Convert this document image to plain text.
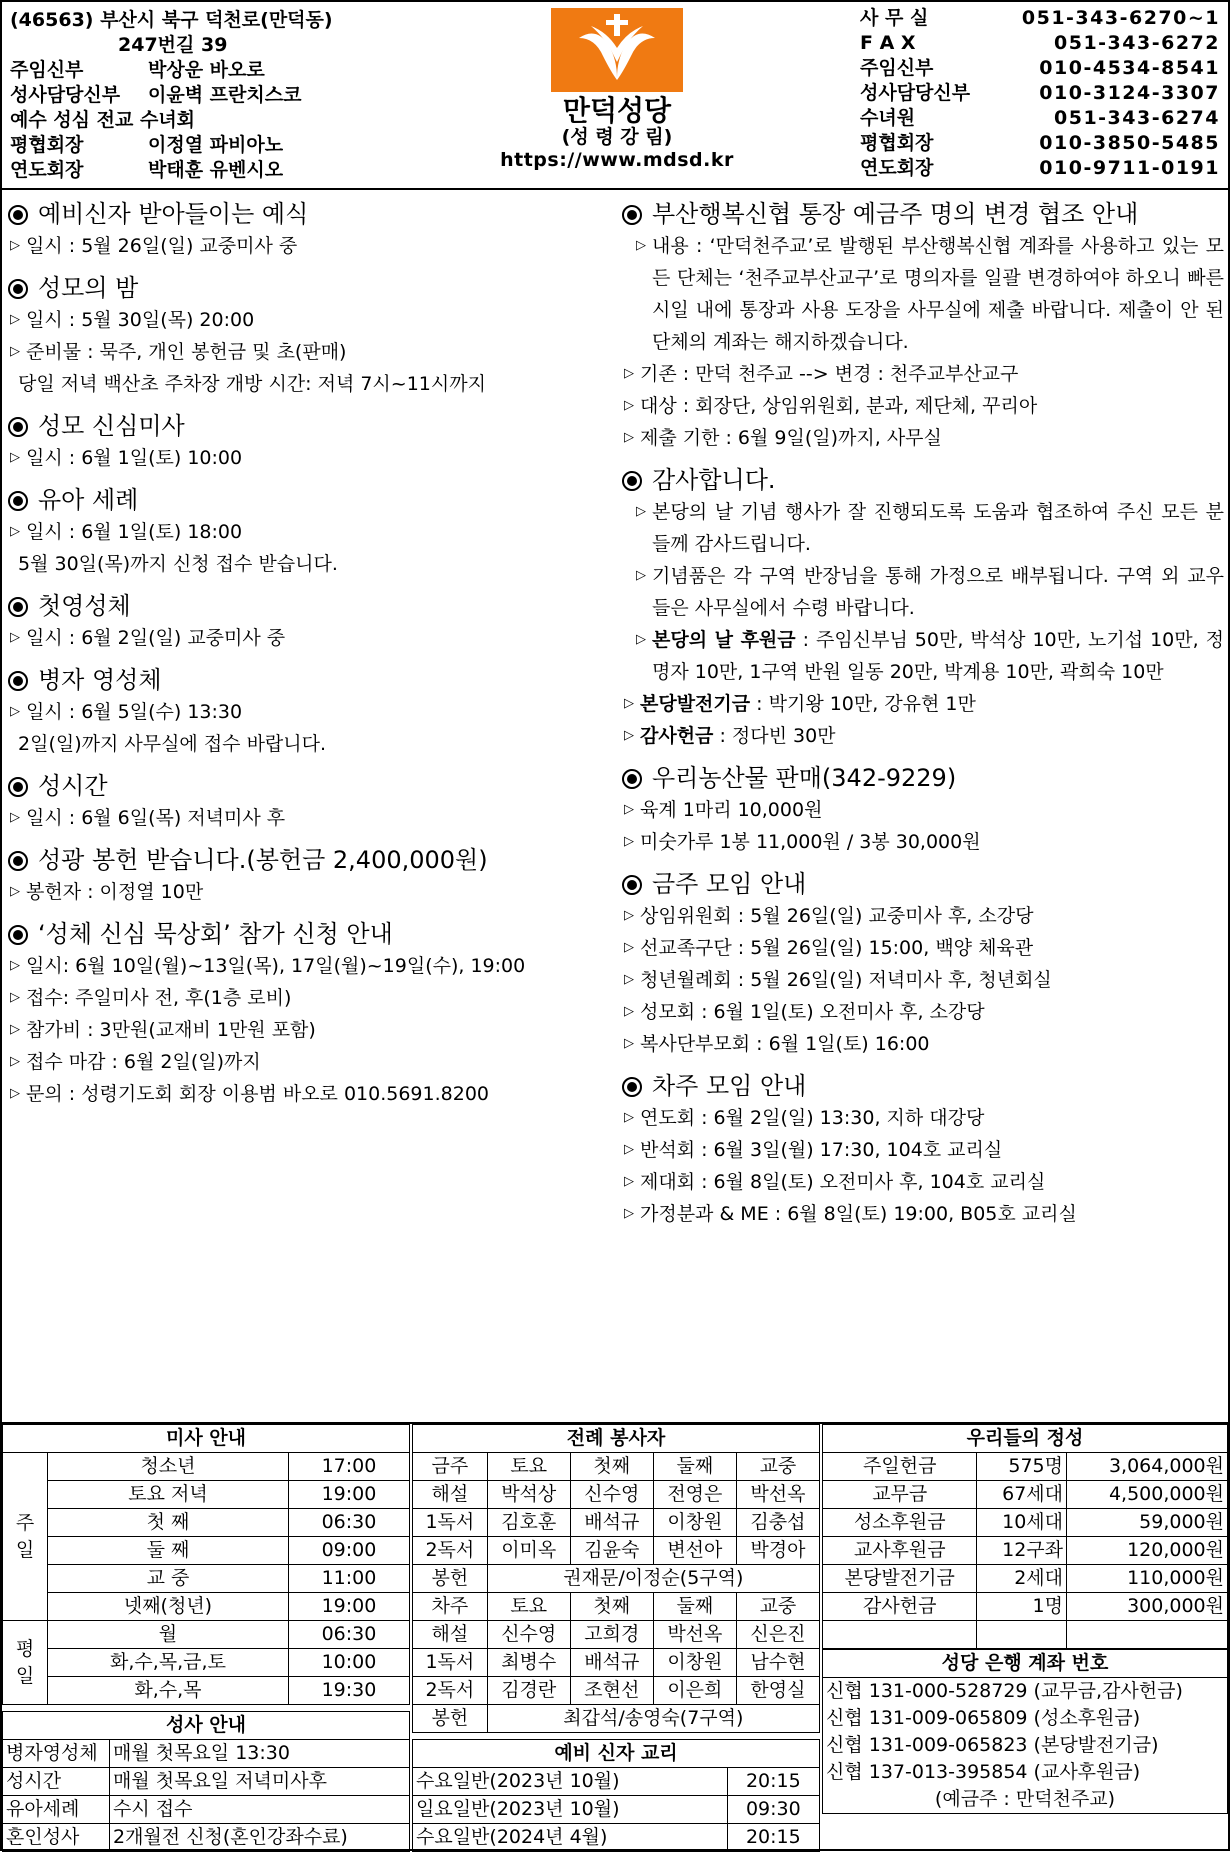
(46563) 부산시 북구 덕천로(만덕동)
247번길 39
주임신부	박상운 바오로
성사담당신부	이윤벽 프란치스코
예수 성심 전교 수녀회
평협회장	이정열 파비아노
연도회장	박태훈 유벤시오
만덕성당
(성 령 강 림)
https://www.mdsd.kr
사 무 실	051-343-6270~1
F A X	051-343-6272
주임신부	010-4534-8541
성사담당신부	010-3124-3307
수녀원	051-343-6274
평협회장	010-3850-5485
연도회장	010-9711-0191
예비신자 받아들이는 예식
▷ 일시 : 5월 26일(일) 교중미사 중
성모의 밤
▷ 일시 : 5월 30일(목) 20:00
▷ 준비물 : 묵주, 개인 봉헌금 및 초(판매)
당일 저녁 백산초 주차장 개방 시간: 저녁 7시~11시까지
성모 신심미사
▷ 일시 : 6월 1일(토) 10:00
유아 세례
▷ 일시 : 6월 1일(토) 18:00
5월 30일(목)까지 신청 접수 받습니다.
첫영성체
▷ 일시 : 6월 2일(일) 교중미사 중
병자 영성체
▷ 일시 : 6월 5일(수) 13:30
2일(일)까지 사무실에 접수 바랍니다.
성시간
▷ 일시 : 6월 6일(목) 저녁미사 후
성광 봉헌 받습니다.(봉헌금 2,400,000원)
▷ 봉헌자 : 이정열 10만
‘성체 신심 묵상회’ 참가 신청 안내
▷ 일시: 6월 10일(월)~13일(목), 17일(월)~19일(수), 19:00
▷ 접수: 주일미사 전, 후(1층 로비)
▷ 참가비 : 3만원(교재비 1만원 포함)
▷ 접수 마감 : 6월 2일(일)까지
▷ 문의 : 성령기도회 회장 이용범 바오로 010.5691.8200
부산행복신협 통장 예금주 명의 변경 협조 안내
▷ 내용 : ‘만덕천주교’로 발행된 부산행복신협 계좌를 사용하고 있는 모든 단체는 ‘천주교부산교구’로 명의자를 일괄 변경하여야 하오니 빠른 시일 내에 통장과 사용 도장을 사무실에 제출 바랍니다. 제출이 안 된 단체의 계좌는 해지하겠습니다.
▷ 기존 : 만덕 천주교 --> 변경 : 천주교부산교구
▷ 대상 : 회장단, 상임위원회, 분과, 제단체, 꾸리아
▷ 제출 기한 : 6월 9일(일)까지, 사무실
감사합니다.
▷ 본당의 날 기념 행사가 잘 진행되도록 도움과 협조하여 주신 모든 분들께 감사드립니다.
▷ 기념품은 각 구역 반장님을 통해 가정으로 배부됩니다. 구역 외 교우들은 사무실에서 수령 바랍니다.
▷ 본당의 날 후원금 : 주임신부님 50만, 박석상 10만, 노기섭 10만, 정명자 10만, 1구역 반원 일동 20만, 박계용 10만, 곽희숙 10만
▷ 본당발전기금 : 박기왕 10만, 강유현 1만
▷ 감사헌금 : 정다빈 30만
우리농산물 판매(342-9229)
▷ 육계 1마리 10,000원
▷ 미숫가루 1봉 11,000원 / 3봉 30,000원
금주 모임 안내
▷ 상임위원회 : 5월 26일(일) 교중미사 후, 소강당
▷ 선교족구단 : 5월 26일(일) 15:00, 백양 체육관
▷ 청년월례회 : 5월 26일(일) 저녁미사 후, 청년회실
▷ 성모회 : 6월 1일(토) 오전미사 후, 소강당
▷ 복사단부모회 : 6월 1일(토) 16:00
차주 모임 안내
▷ 연도회 : 6월 2일(일) 13:30, 지하 대강당
▷ 반석회 : 6월 3일(월) 17:30, 104호 교리실
▷ 제대회 : 6월 8일(토) 오전미사 후, 104호 교리실
▷ 가정분과 & ME : 6월 8일(토) 19:00, B05호 교리실
미사 안내		
주
일	청소년	17:00
	토요 저녁	19:00
	첫 째	06:30
	둘 째	09:00
	교 중	11:00
	넷째(청년)	19:00
평
일	월	06:30
	화,수,목,금,토	10:00
	화,수,목	19:30
성사 안내	
병자영성체	매월 첫목요일 13:30
성시간	매월 첫목요일 저녁미사후
유아세례	수시 접수
혼인성사	2개월전 신청(혼인강좌수료)
전례 봉사자				
금주	토요	첫째	둘째	교중
해설	박석상	신수영	전영은	박선옥
1독서	김호훈	배석규	이창원	김충섭
2독서	이미옥	김윤숙	변선아	박경아
봉헌	권재문/이정순(5구역)			
차주	토요	첫째	둘째	교중
해설	신수영	고희경	박선옥	신은진
1독서	최병수	배석규	이창원	남수현
2독서	김경란	조현선	이은희	한영실
봉헌	최갑석/송영숙(7구역)			
예비 신자 교리	
수요일반(2023년 10월)	20:15
일요일반(2023년 10월)	09:30
수요일반(2024년 4월)	20:15
우리들의 정성		
주일헌금	575명	3,064,000원
교무금	67세대	4,500,000원
성소후원금	10세대	59,000원
교사후원금	12구좌	120,000원
본당발전기금	2세대	110,000원
감사헌금	1명	300,000원

성당 은행 계좌 번호

신협 131-000-528729 (교무금,감사헌금)
신협 131-009-065809 (성소후원금)
신협 131-009-065823 (본당발전기금)
신협 137-013-395854 (교사후원금)
(예금주 : 만덕천주교)
